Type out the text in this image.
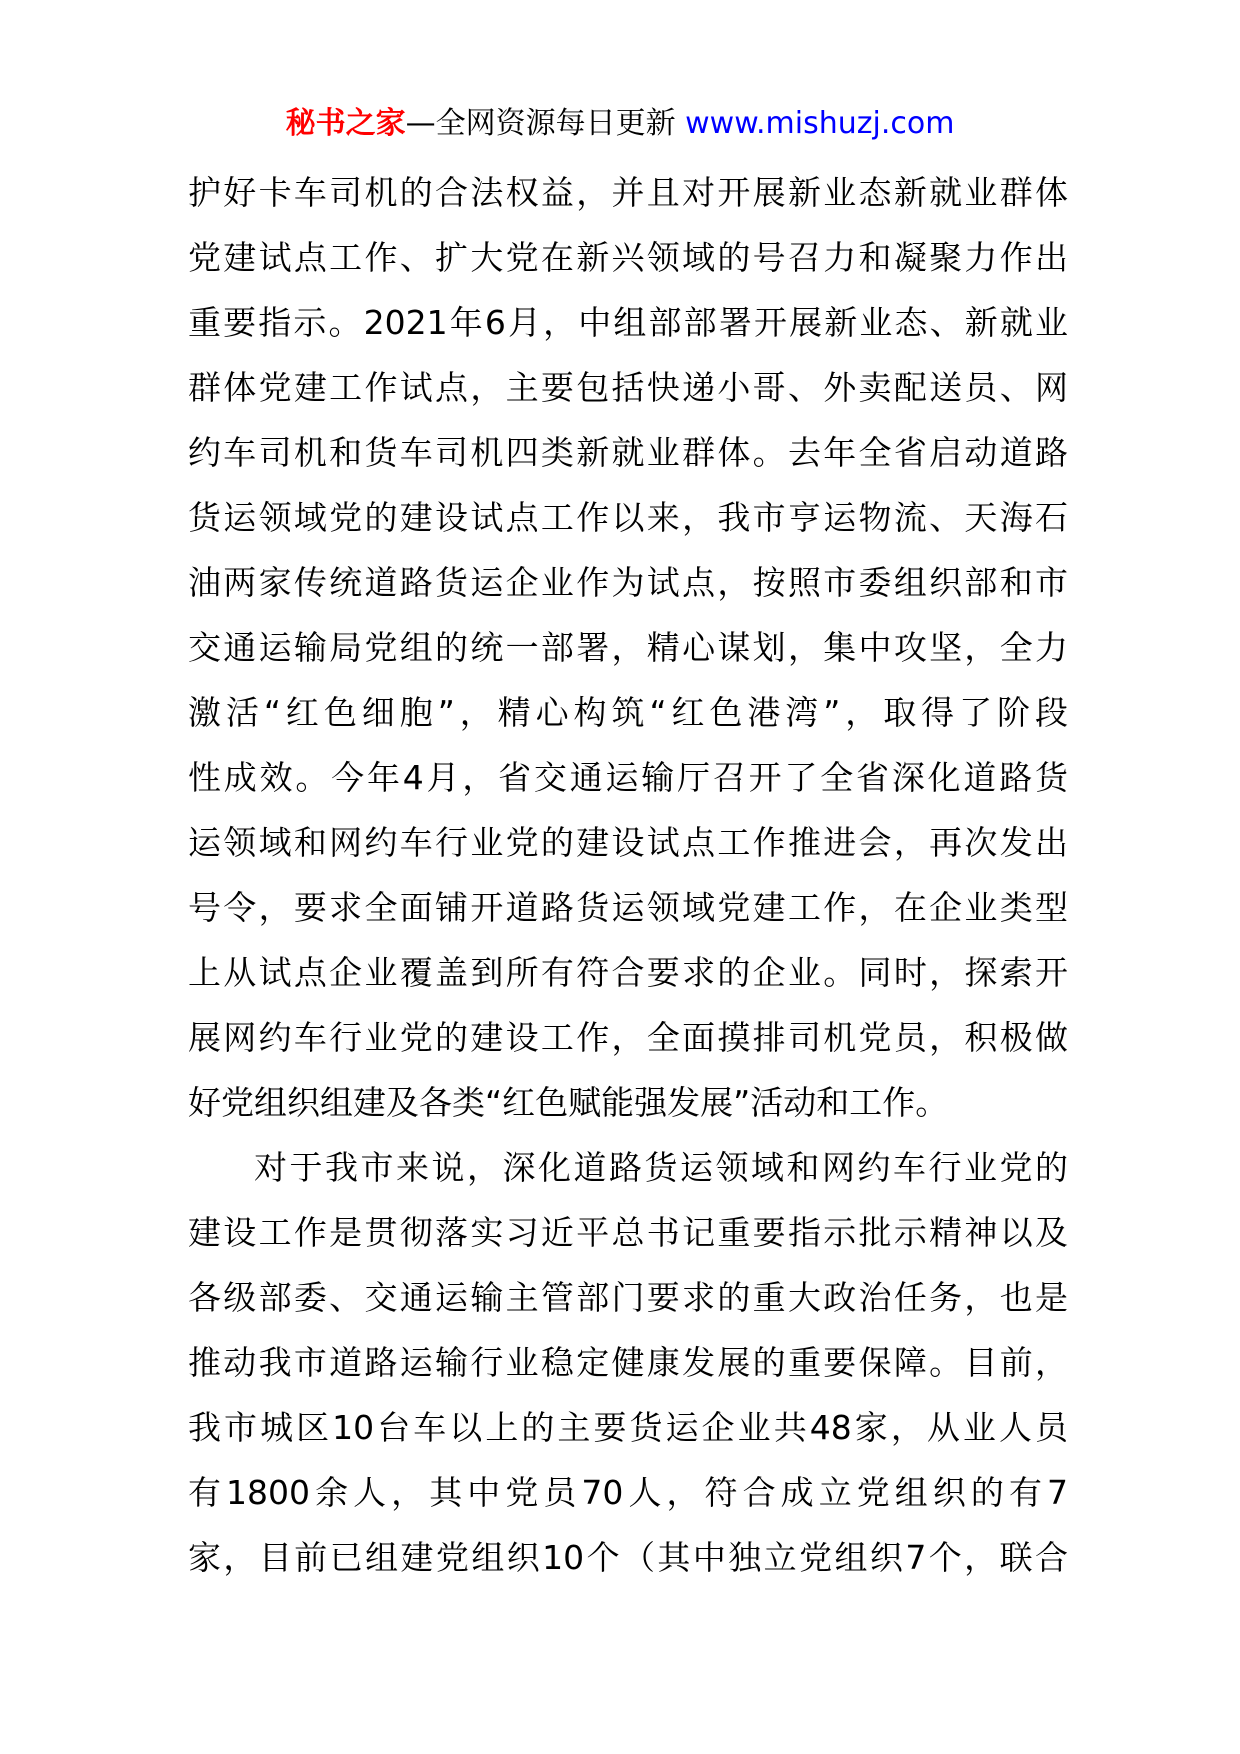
秘书之家—全网资源每日更新 www.mishuzj.com
护好卡车司机的合法权益，并且对开展新业态新就业群体
党建试点工作、扩大党在新兴领域的号召力和凝聚力作出
重要指示。2021年6月，中组部部署开展新业态、新就业
群体党建工作试点，主要包括快递小哥、外卖配送员、网
约车司机和货车司机四类新就业群体。去年全省启动道路
货运领域党的建设试点工作以来，我市亨运物流、天海石
油两家传统道路货运企业作为试点，按照市委组织部和市
交通运输局党组的统一部署，精心谋划，集中攻坚，全力
激活“红色细胞”，精心构筑“红色港湾”，取得了阶段
性成效。今年4月，省交通运输厅召开了全省深化道路货
运领域和网约车行业党的建设试点工作推进会，再次发出
号令，要求全面铺开道路货运领域党建工作，在企业类型
上从试点企业覆盖到所有符合要求的企业。同时，探索开
展网约车行业党的建设工作，全面摸排司机党员，积极做
好党组织组建及各类“红色赋能强发展”活动和工作。
对于我市来说，深化道路货运领域和网约车行业党的
建设工作是贯彻落实习近平总书记重要指示批示精神以及
各级部委、交通运输主管部门要求的重大政治任务，也是
推动我市道路运输行业稳定健康发展的重要保障。目前，
我市城区10台车以上的主要货运企业共48家，从业人员
有1800余人，其中党员70人，符合成立党组织的有7
家，目前已组建党组织10个（其中独立党组织7个，联合
